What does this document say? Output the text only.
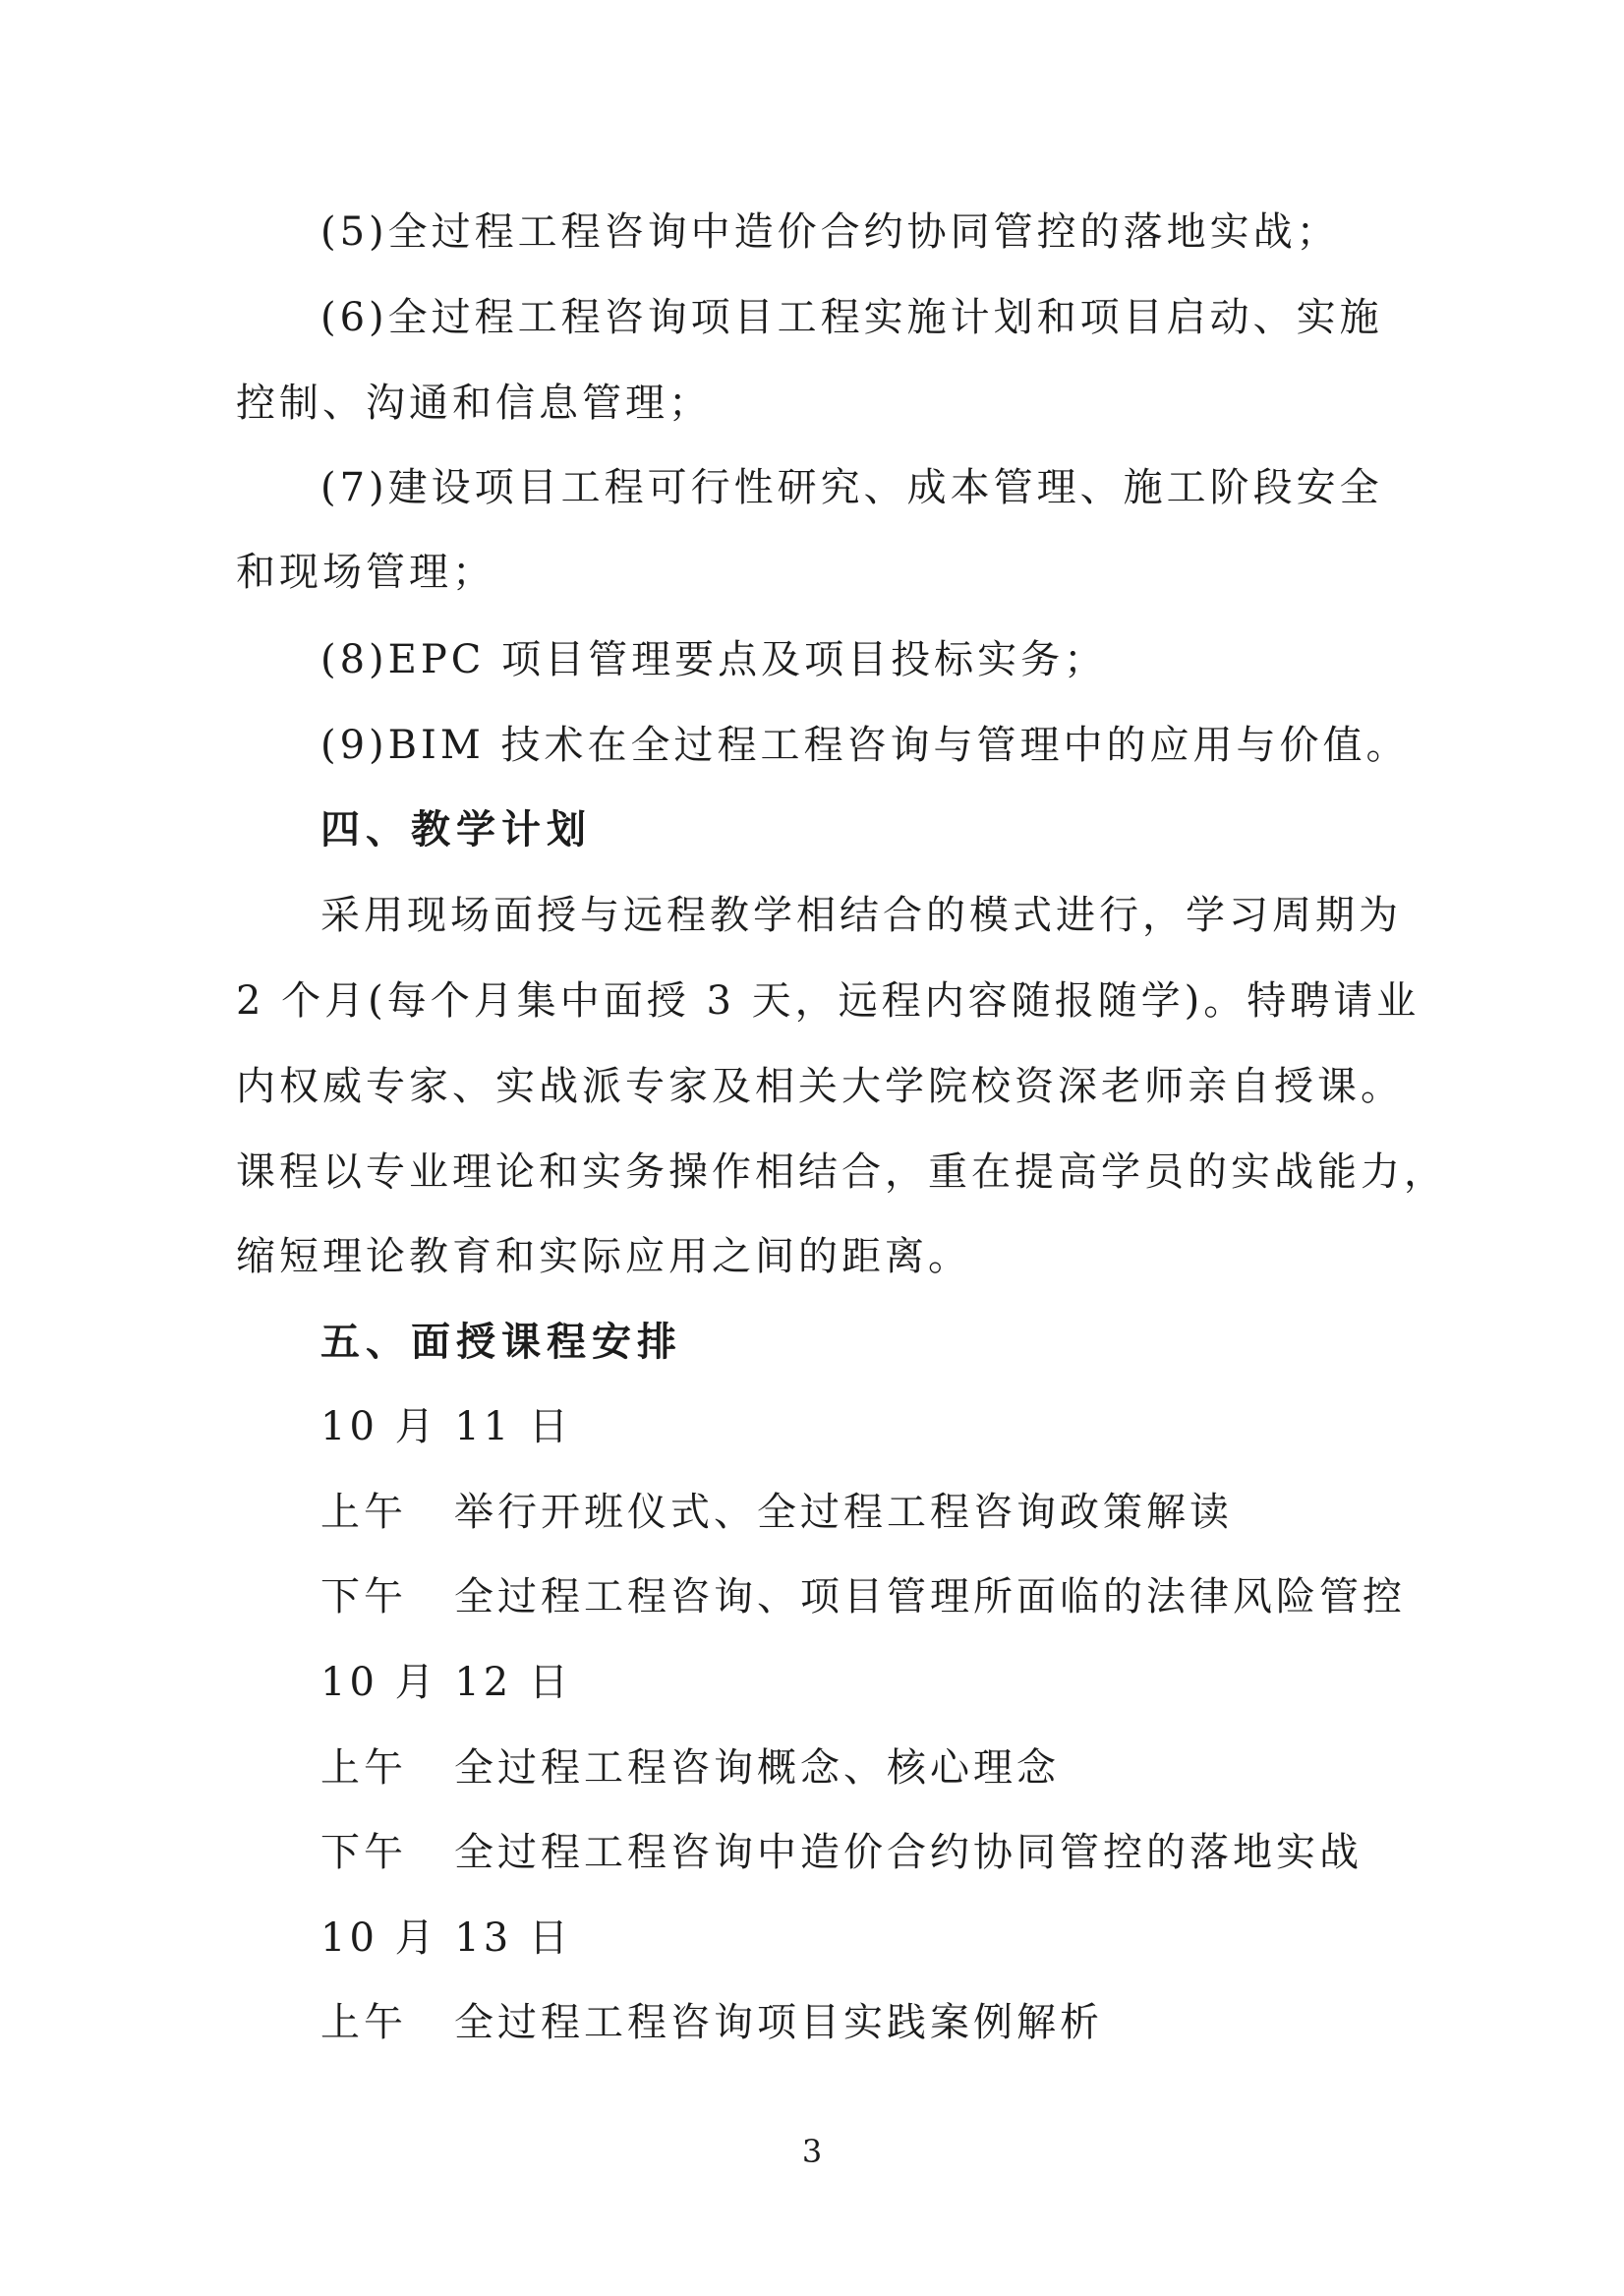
(5)全过程工程咨询中造价合约协同管控的落地实战；
(6)全过程工程咨询项目工程实施计划和项目启动、实施
控制、沟通和信息管理；
(7)建设项目工程可行性研究、成本管理、施工阶段安全
和现场管理；
(8)EPC 项目管理要点及项目投标实务；
(9)BIM 技术在全过程工程咨询与管理中的应用与价值。
四、教学计划
采用现场面授与远程教学相结合的模式进行，学习周期为
2 个月(每个月集中面授 3 天，远程内容随报随学)。特聘请业
内权威专家、实战派专家及相关大学院校资深老师亲自授课。
课程以专业理论和实务操作相结合，重在提高学员的实战能力，
缩短理论教育和实际应用之间的距离。
五、面授课程安排
10 月 11 日
上午 举行开班仪式、全过程工程咨询政策解读
下午 全过程工程咨询、项目管理所面临的法律风险管控
10 月 12 日
上午 全过程工程咨询概念、核心理念
下午 全过程工程咨询中造价合约协同管控的落地实战
10 月 13 日
上午 全过程工程咨询项目实践案例解析
3
